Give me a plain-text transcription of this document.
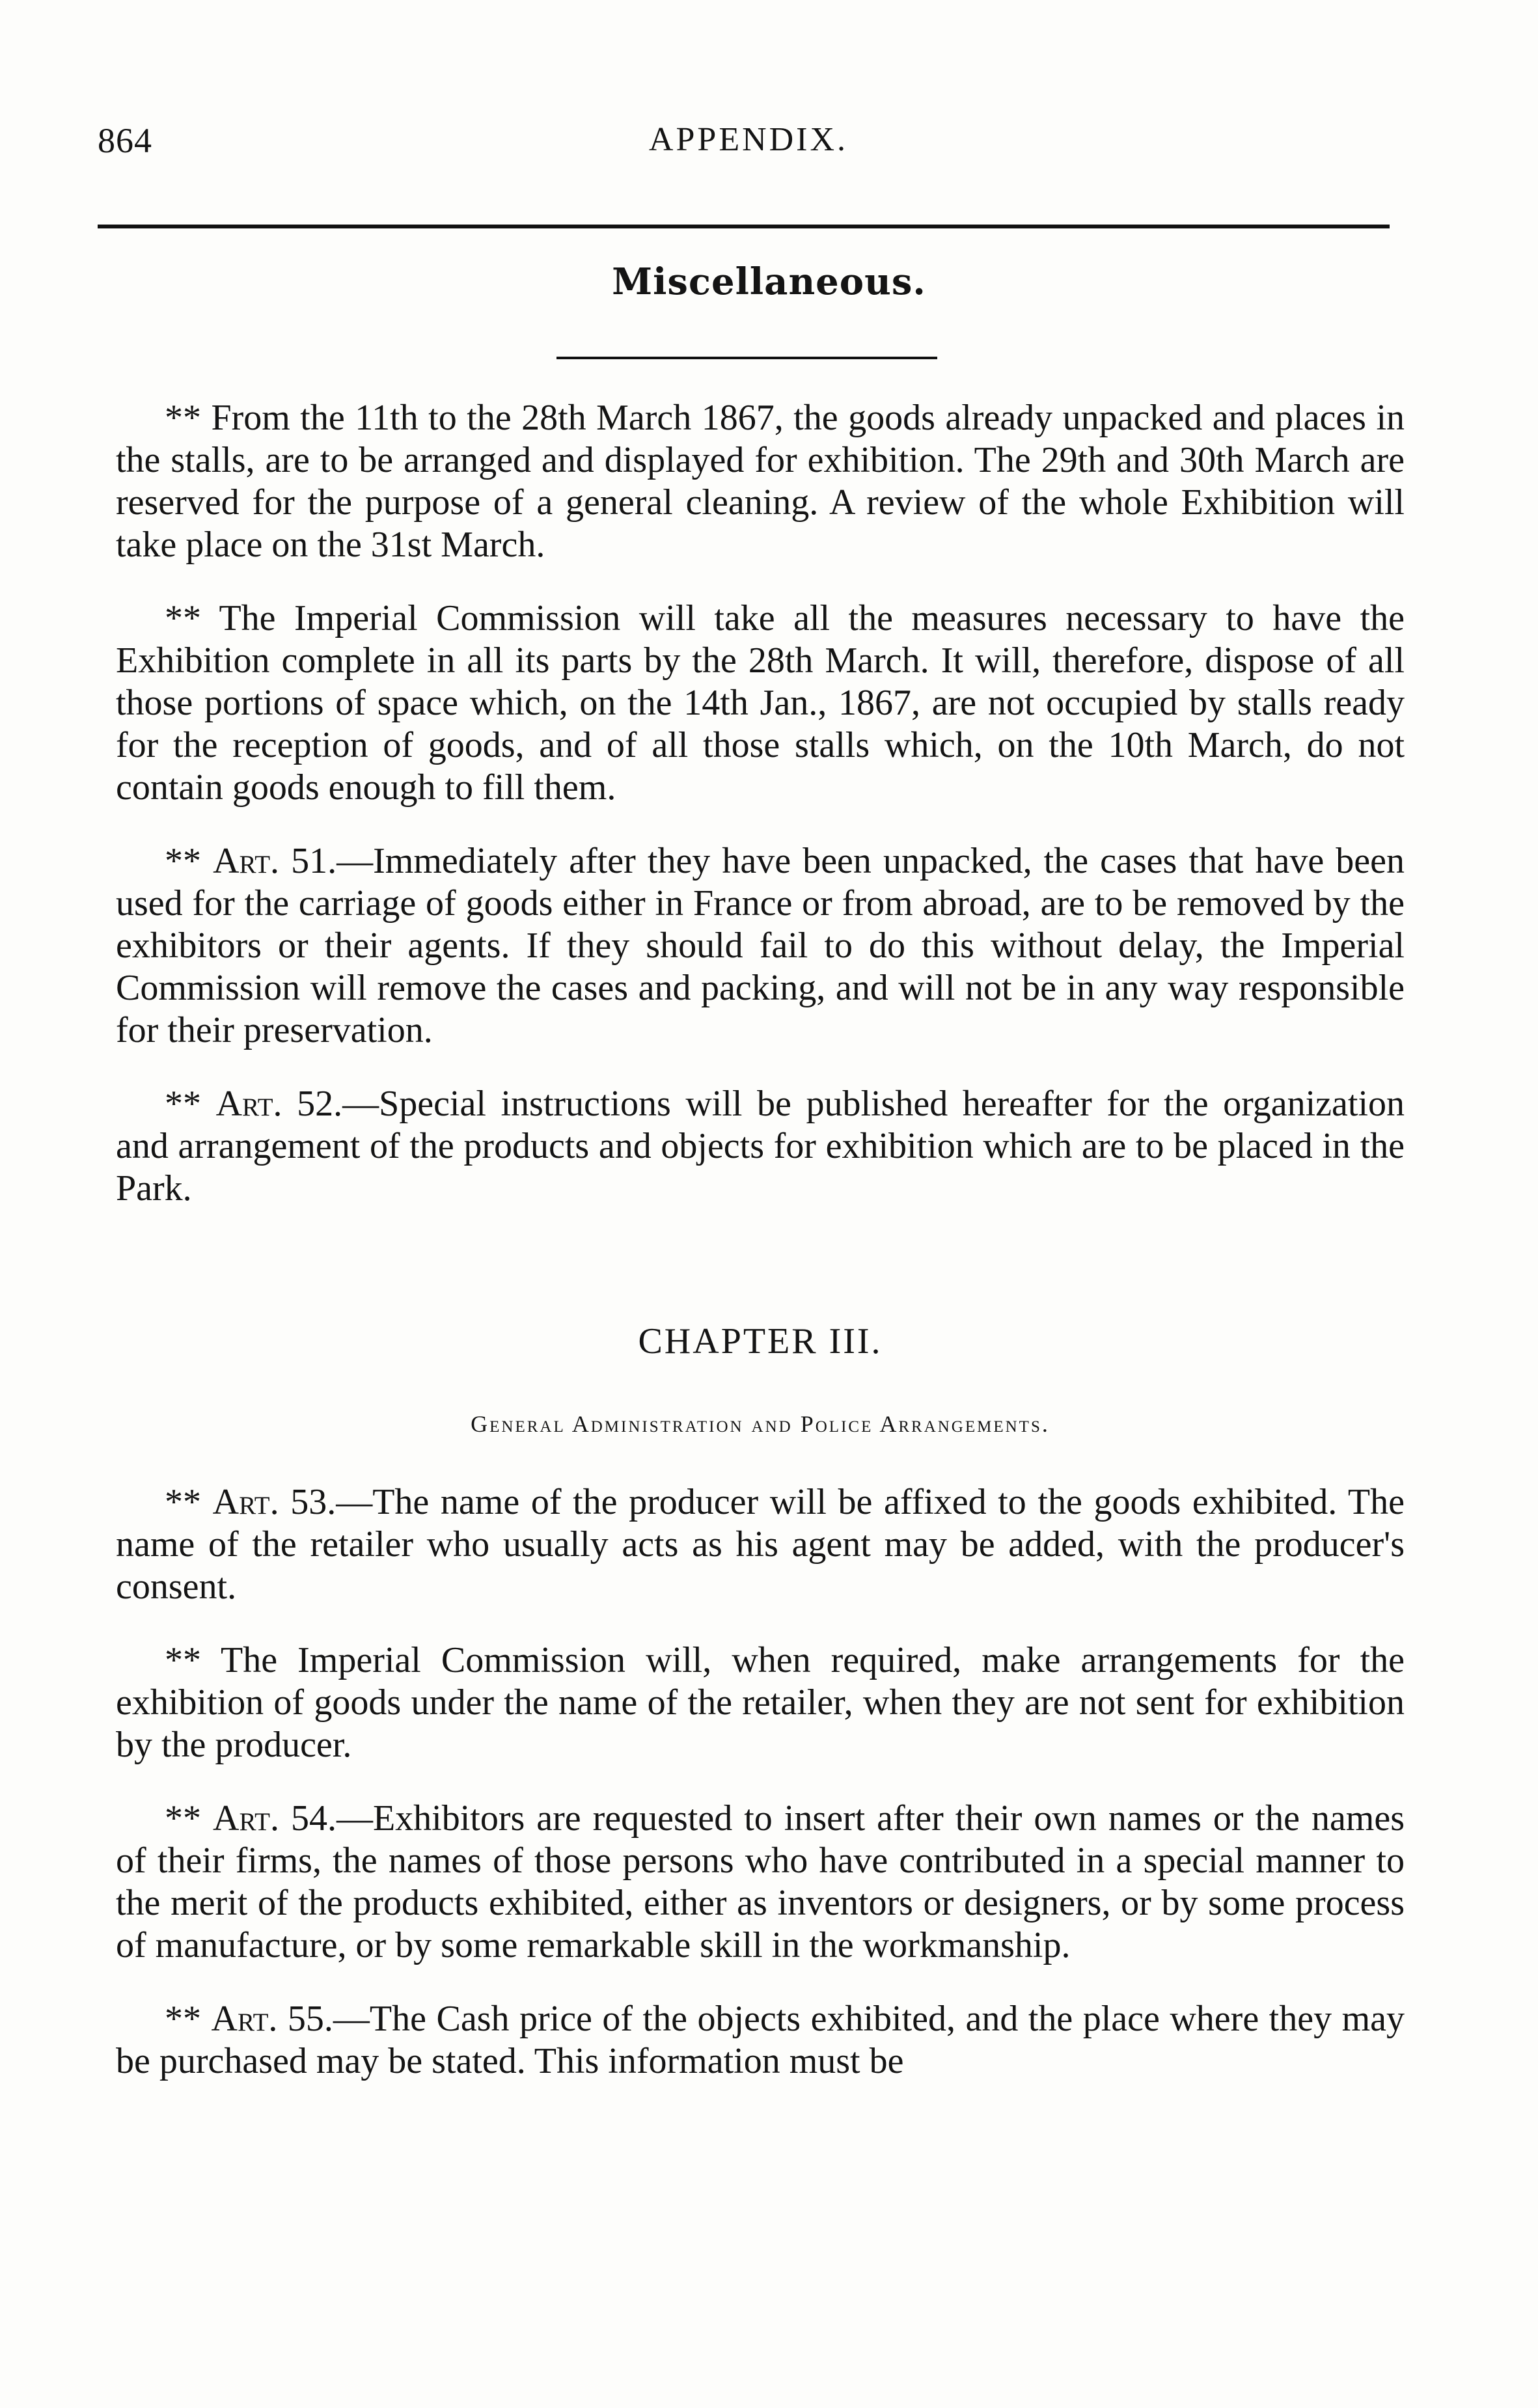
864	APPENDIX.
Miscellaneous.

** From the 11th to the 28th March 1867, the goods already unpacked and places in the stalls, are to be arranged and displayed for exhibition. The 29th and 30th March are reserved for the purpose of a general cleaning. A review of the whole Exhibition will take place on the 31st March.

** The Imperial Commission will take all the measures necessary to have the Exhibition complete in all its parts by the 28th March. It will, therefore, dispose of all those portions of space which, on the 14th Jan., 1867, are not occupied by stalls ready for the reception of goods, and of all those stalls which, on the 10th March, do not contain goods enough to fill them.

** Art. 51.—Immediately after they have been unpacked, the cases that have been used for the carriage of goods either in France or from abroad, are to be removed by the exhibitors or their agents. If they should fail to do this without delay, the Imperial Commission will remove the cases and packing, and will not be in any way responsible for their preservation.

** Art. 52.—Special instructions will be published hereafter for the organization and arrangement of the products and objects for exhibition which are to be placed in the Park.

CHAPTER III.
General Administration and Police Arrangements.

** Art. 53.—The name of the producer will be affixed to the goods exhibited. The name of the retailer who usually acts as his agent may be added, with the producer's consent.

** The Imperial Commission will, when required, make arrangements for the exhibition of goods under the name of the retailer, when they are not sent for exhibition by the producer.

** Art. 54.—Exhibitors are requested to insert after their own names or the names of their firms, the names of those persons who have contributed in a special manner to the merit of the products exhibited, either as inventors or designers, or by some process of manufacture, or by some remarkable skill in the workmanship.

** Art. 55.—The Cash price of the objects exhibited, and the place where they may be purchased may be stated. This information must be
